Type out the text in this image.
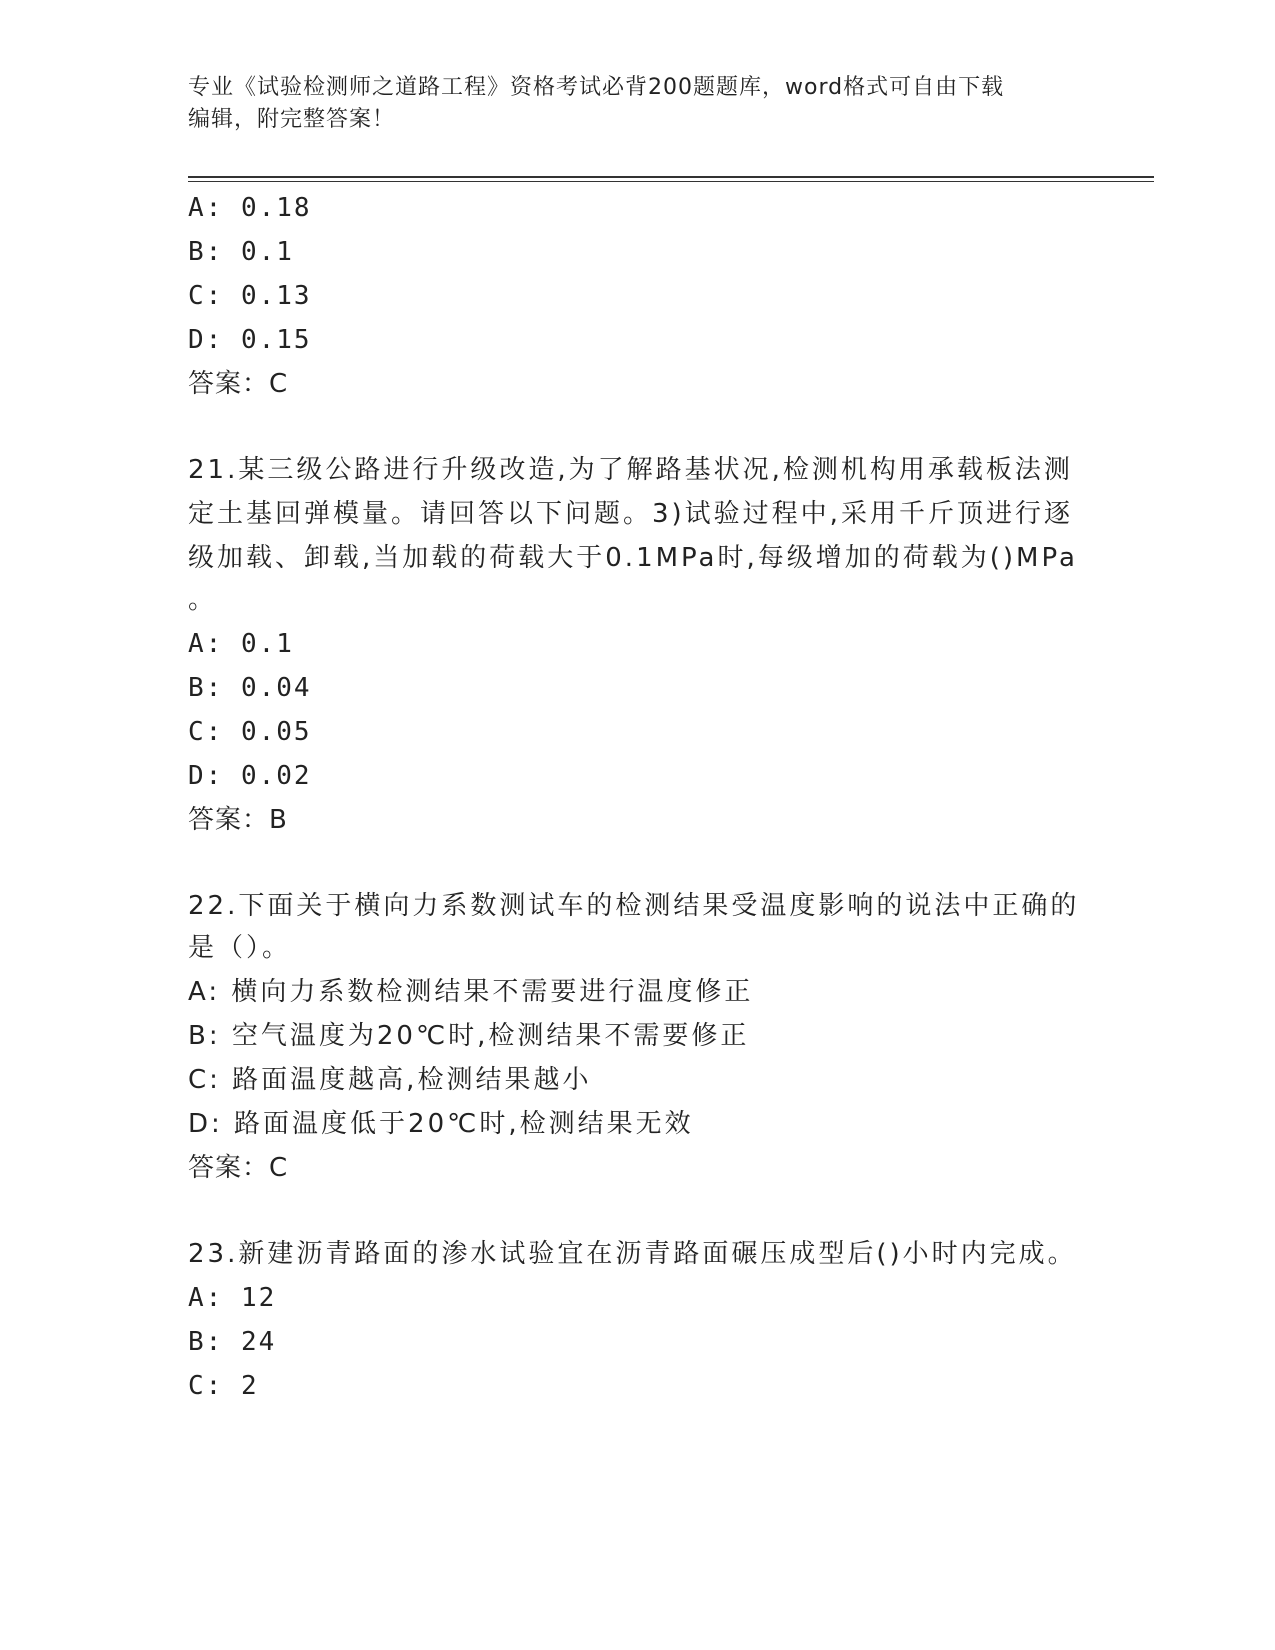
专业《试验检测师之道路工程》资格考试必背200题题库，word格式可自由下载
编辑，附完整答案！
A: 0.18
B: 0.1
C: 0.13
D: 0.15
答案：C
21.某三级公路进行升级改造,为了解路基状况,检测机构用承载板法测
定土基回弹模量。请回答以下问题。3)试验过程中,采用千斤顶进行逐
级加载、卸载,当加载的荷载大于0.1MPa时,每级增加的荷载为()MPa
。
A: 0.1
B: 0.04
C: 0.05
D: 0.02
答案：B
22.下面关于横向力系数测试车的检测结果受温度影响的说法中正确的
是（）。
A: 横向力系数检测结果不需要进行温度修正
B: 空气温度为20℃时,检测结果不需要修正
C: 路面温度越高,检测结果越小
D: 路面温度低于20℃时,检测结果无效
答案：C
23.新建沥青路面的渗水试验宜在沥青路面碾压成型后()小时内完成。
A: 12
B: 24
C: 2
